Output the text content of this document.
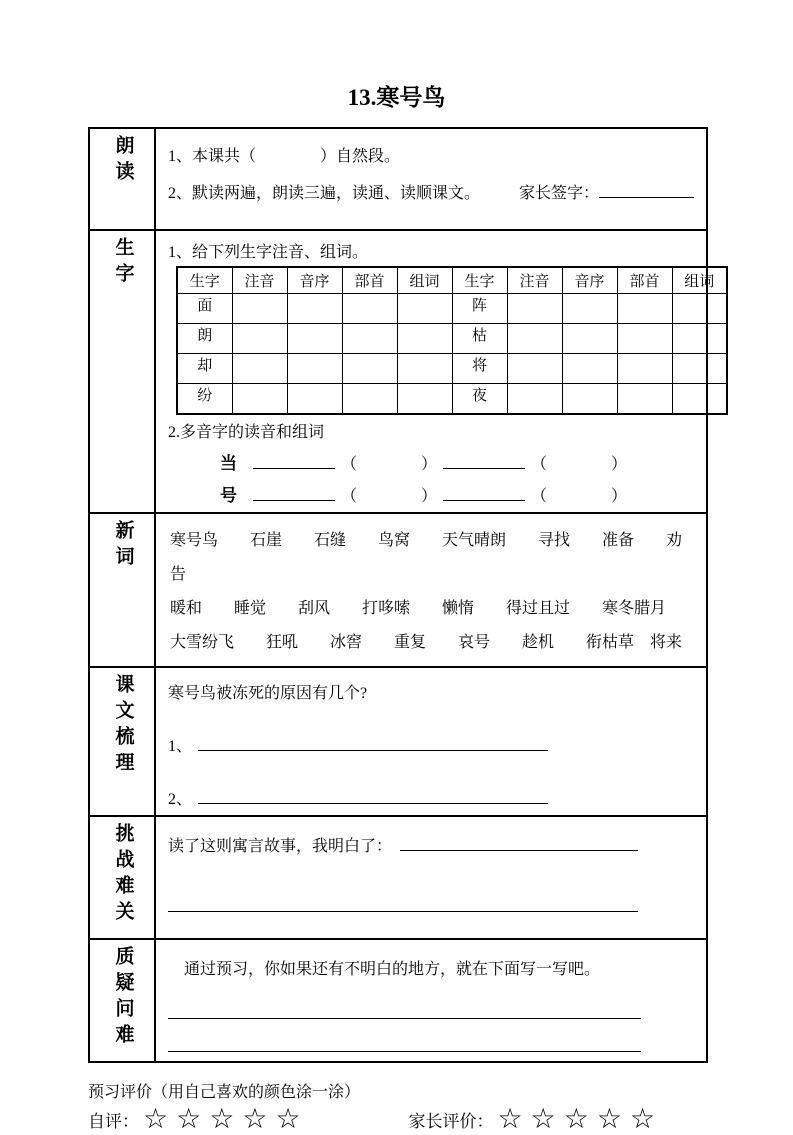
13.寒号鸟
朗读	1、本课共（　　　　）自然段。
2、默读两遍，朗读三遍，读通、读顺课文。 家长签字：

生字	1、给下列生字注音、组词。
生字	注音	音序	部首	组词	生字	注音	音序	部首	组词
面					阵				
朗					枯				
却					将				
纷					夜				
2.多音字的读音和组词
当	（　　　　）	（　　　　）
号	（　　　　）	（　　　　）

新词	寒号鸟　　石崖　　石缝　　鸟窝　　天气晴朗　　寻找　　准备　　劝告
暖和　　睡觉　　刮风　　打哆嗦　　懒惰　　得过且过　　寒冬腊月
大雪纷飞　　狂吼　　冰窖　　重复　　哀号　　趁机　　衔枯草　将来

课文梳理	寒号鸟被冻死的原因有几个?
1、
2、

挑战难关	读了这则寓言故事，我明白了：

质疑问难	通过预习，你如果还有不明白的地方，就在下面写一写吧。
预习评价（用自己喜欢的颜色涂一涂）
自评： ☆ ☆ ☆ ☆ ☆	家长评价： ☆ ☆ ☆ ☆ ☆
